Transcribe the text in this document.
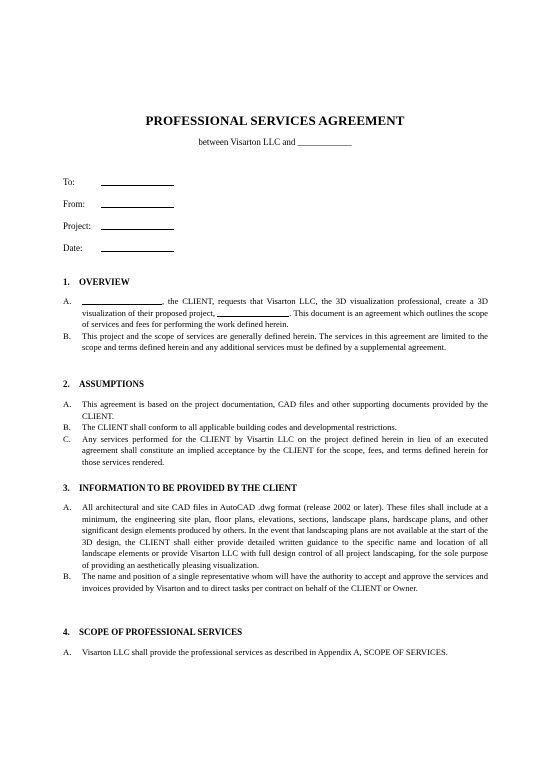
PROFESSIONAL SERVICES AGREEMENT
between Visarton LLC and ____________
To:
From:
Project:
Date:
1. OVERVIEW
A.	, the CLIENT, requests that Visarton LLC, the 3D visualization professional, create a 3D visualization of their proposed project,	. This document is an agreement which outlines the scope of services and fees for performing the work defined herein.
B.	This project and the scope of services are generally defined herein. The services in this agreement are limited to the scope and terms defined herein and any additional services must be defined by a supplemental agreement.
2. ASSUMPTIONS
A.	This agreement is based on the project documentation, CAD files and other supporting documents provided by the CLIENT.
B.	The CLIENT shall conform to all applicable building codes and developmental restrictions.
C.	Any services performed for the CLIENT by Visartin LLC on the project defined herein in lieu of an executed agreement shall constitute an implied acceptance by the CLIENT for the scope, fees, and terms defined herein for those services rendered.
3. INFORMATION TO BE PROVIDED BY THE CLIENT
A.	All architectural and site CAD files in AutoCAD .dwg format (release 2002 or later). These files shall include at a minimum, the engineering site plan, floor plans, elevations, sections, landscape plans, hardscape plans, and other significant design elements produced by others. In the event that landscaping plans are not available at the start of the 3D design, the CLIENT shall either provide detailed written guidance to the specific name and location of all landscape elements or provide Visarton LLC with full design control of all project landscaping, for the sole purpose of providing an aesthetically pleasing visualization.
B.	The name and position of a single representative whom will have the authority to accept and approve the services and invoices provided by Visarton and to direct tasks per contract on behalf of the CLIENT or Owner.
4. SCOPE OF PROFESSIONAL SERVICES
A.	Visarton LLC shall provide the professional services as described in Appendix A, SCOPE OF SERVICES.
